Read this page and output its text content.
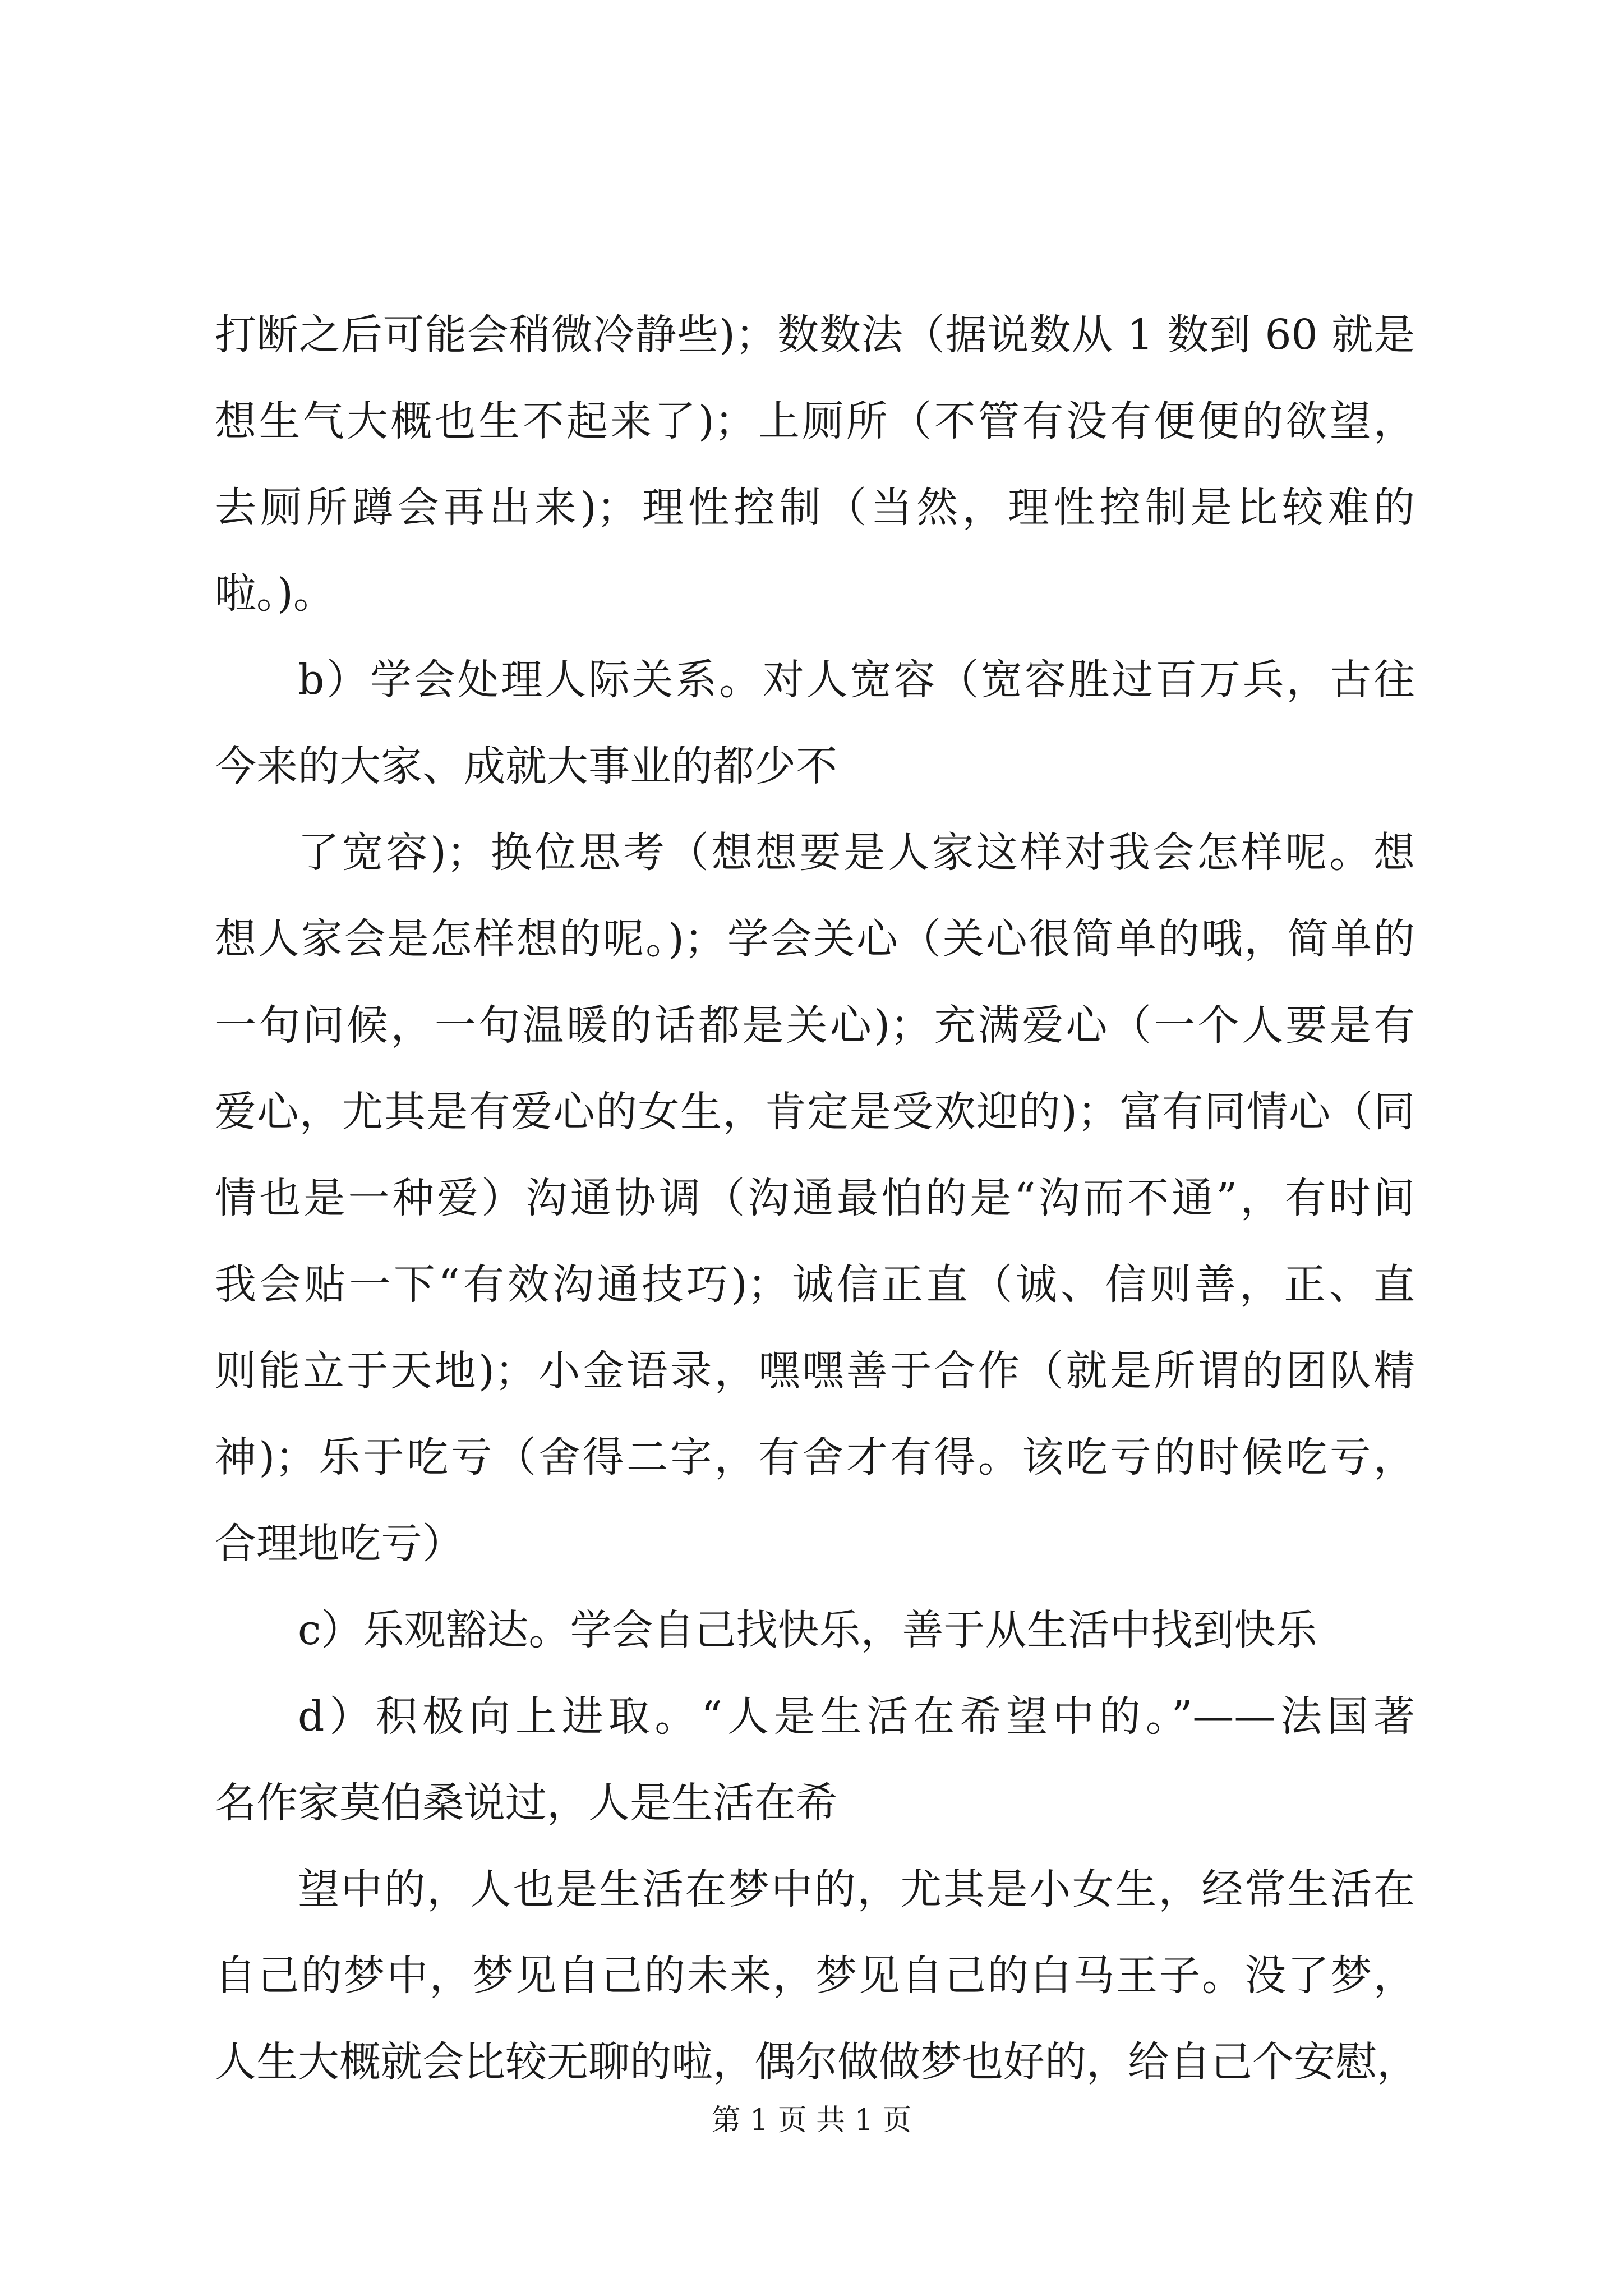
打断之后可能会稍微冷静些)；数数法（据说数从 1 数到 60 就是
想生气大概也生不起来了)；上厕所（不管有没有便便的欲望，
去厕所蹲会再出来)；理性控制（当然，理性控制是比较难的
啦。)。
b）学会处理人际关系。对人宽容（宽容胜过百万兵，古往
今来的大家、成就大事业的都少不
了宽容)；换位思考（想想要是人家这样对我会怎样呢。想
想人家会是怎样想的呢。)；学会关心（关心很简单的哦，简单的
一句问候，一句温暖的话都是关心)；充满爱心（一个人要是有
爱心，尤其是有爱心的女生，肯定是受欢迎的)；富有同情心（同
情也是一种爱）沟通协调（沟通最怕的是“沟而不通”，有时间
我会贴一下“有效沟通技巧)；诚信正直（诚、信则善，正、直
则能立于天地)；小金语录，嘿嘿善于合作（就是所谓的团队精
神)；乐于吃亏（舍得二字，有舍才有得。该吃亏的时候吃亏，
合理地吃亏）
c）乐观豁达。学会自己找快乐，善于从生活中找到快乐
d）积极向上进取。“人是生活在希望中的。”——法国著
名作家莫伯桑说过，人是生活在希
望中的，人也是生活在梦中的，尤其是小女生，经常生活在
自己的梦中，梦见自己的未来，梦见自己的白马王子。没了梦，
人生大概就会比较无聊的啦，偶尔做做梦也好的，给自己个安慰，
第 1 页 共 1 页
